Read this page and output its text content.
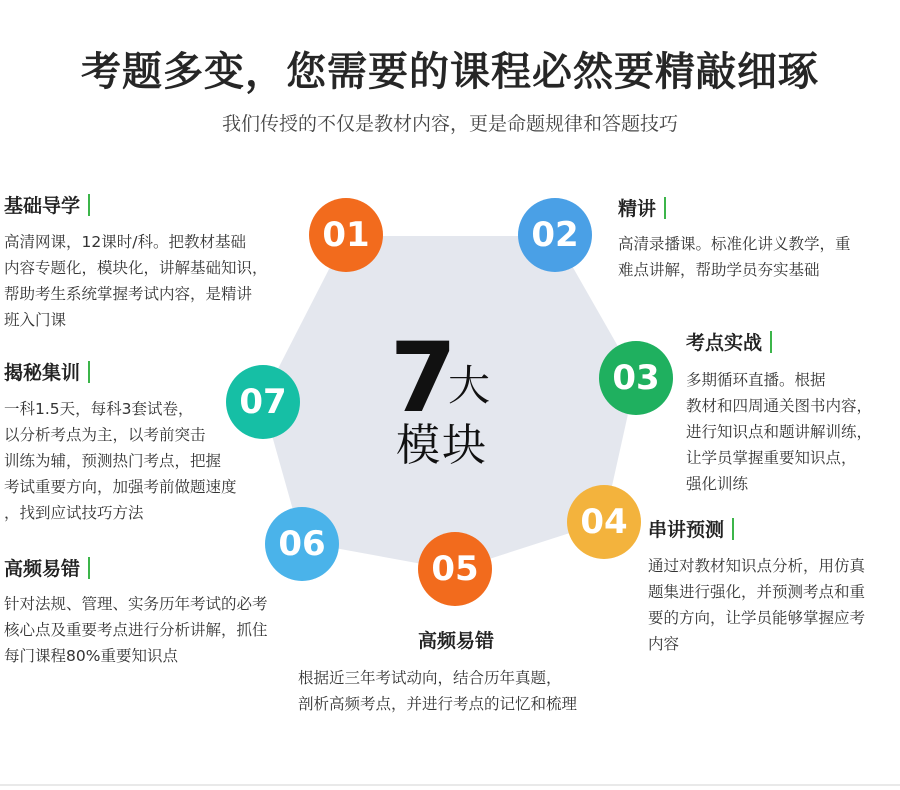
考题多变，您需要的课程必然要精敲细琢
我们传授的不仅是教材内容，更是命题规律和答题技巧
7
大
模块
01	02
03
04
05
06
07
基础导学
高清网课，12课时/科。把教材基础
内容专题化，模块化，讲解基础知识，
帮助考生系统掌握考试内容，是精讲
班入门课
精讲
高清录播课。标准化讲义教学，重
难点讲解，帮助学员夯实基础
考点实战
多期循环直播。根据
教材和四周通关图书内容，
进行知识点和题讲解训练，
让学员掌握重要知识点，
强化训练
串讲预测
通过对教材知识点分析，用仿真
题集进行强化，并预测考点和重
要的方向，让学员能够掌握应考
内容
高频易错
根据近三年考试动向，结合历年真题，
剖析高频考点，并进行考点的记忆和梳理
高频易错
针对法规、管理、实务历年考试的必考
核心点及重要考点进行分析讲解，抓住
每门课程80%重要知识点
揭秘集训
一科1.5天，每科3套试卷，
以分析考点为主，以考前突击
训练为辅，预测热门考点，把握
考试重要方向，加强考前做题速度
，找到应试技巧方法
